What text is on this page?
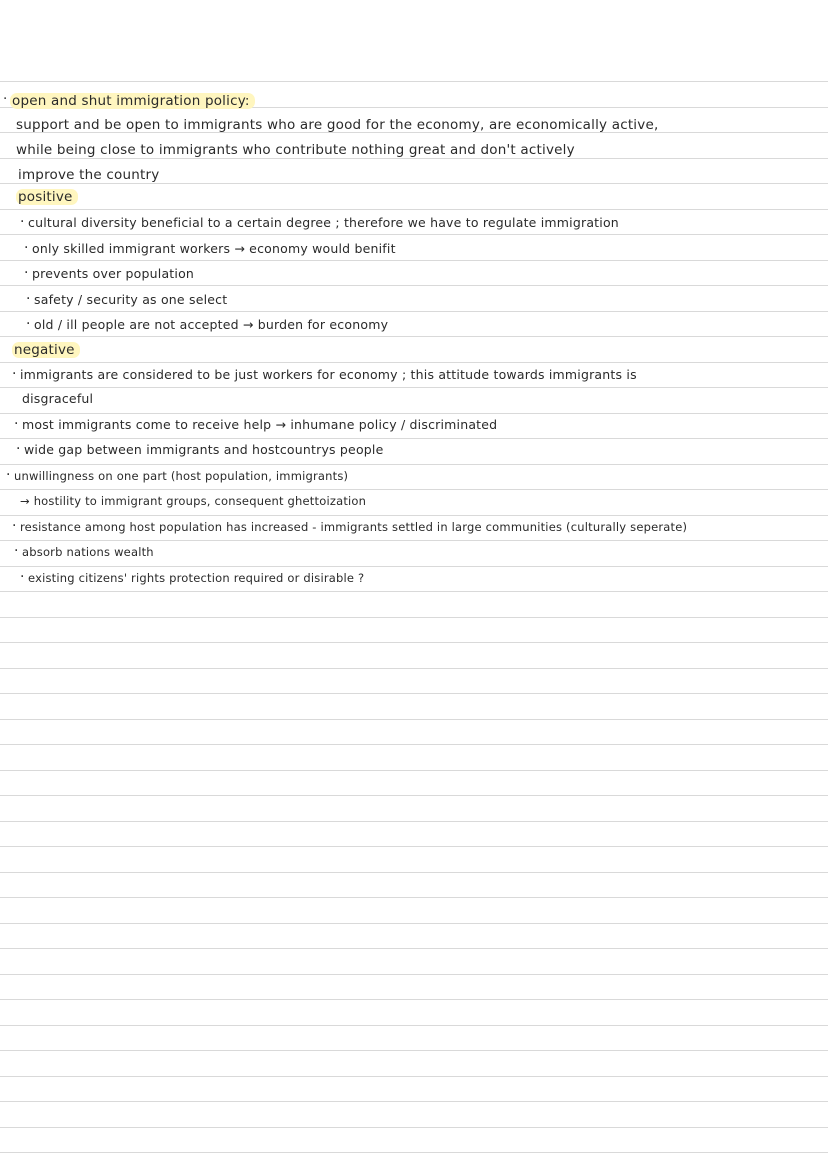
· open and shut immigration policy:
support and be open to immigrants who are good for the economy, are economically active,
while being close to immigrants who contribute nothing great and don't actively
improve the country
positive
· cultural diversity beneficial to a certain degree ; therefore we have to regulate immigration
· only skilled immigrant workers → economy would benifit
· prevents over population
· safety / security as one select
· old / ill people are not accepted → burden for economy
negative
· immigrants are considered to be just workers for economy ; this attitude towards immigrants is
disgraceful
· most immigrants come to receive help → inhumane policy / discriminated
· wide gap between immigrants and hostcountrys people
· unwillingness on one part (host population, immigrants)
→ hostility to immigrant groups, consequent ghettoization
· resistance among host population has increased - immigrants settled in large communities (culturally seperate)
· absorb nations wealth
· existing citizens' rights protection required or disirable ?
